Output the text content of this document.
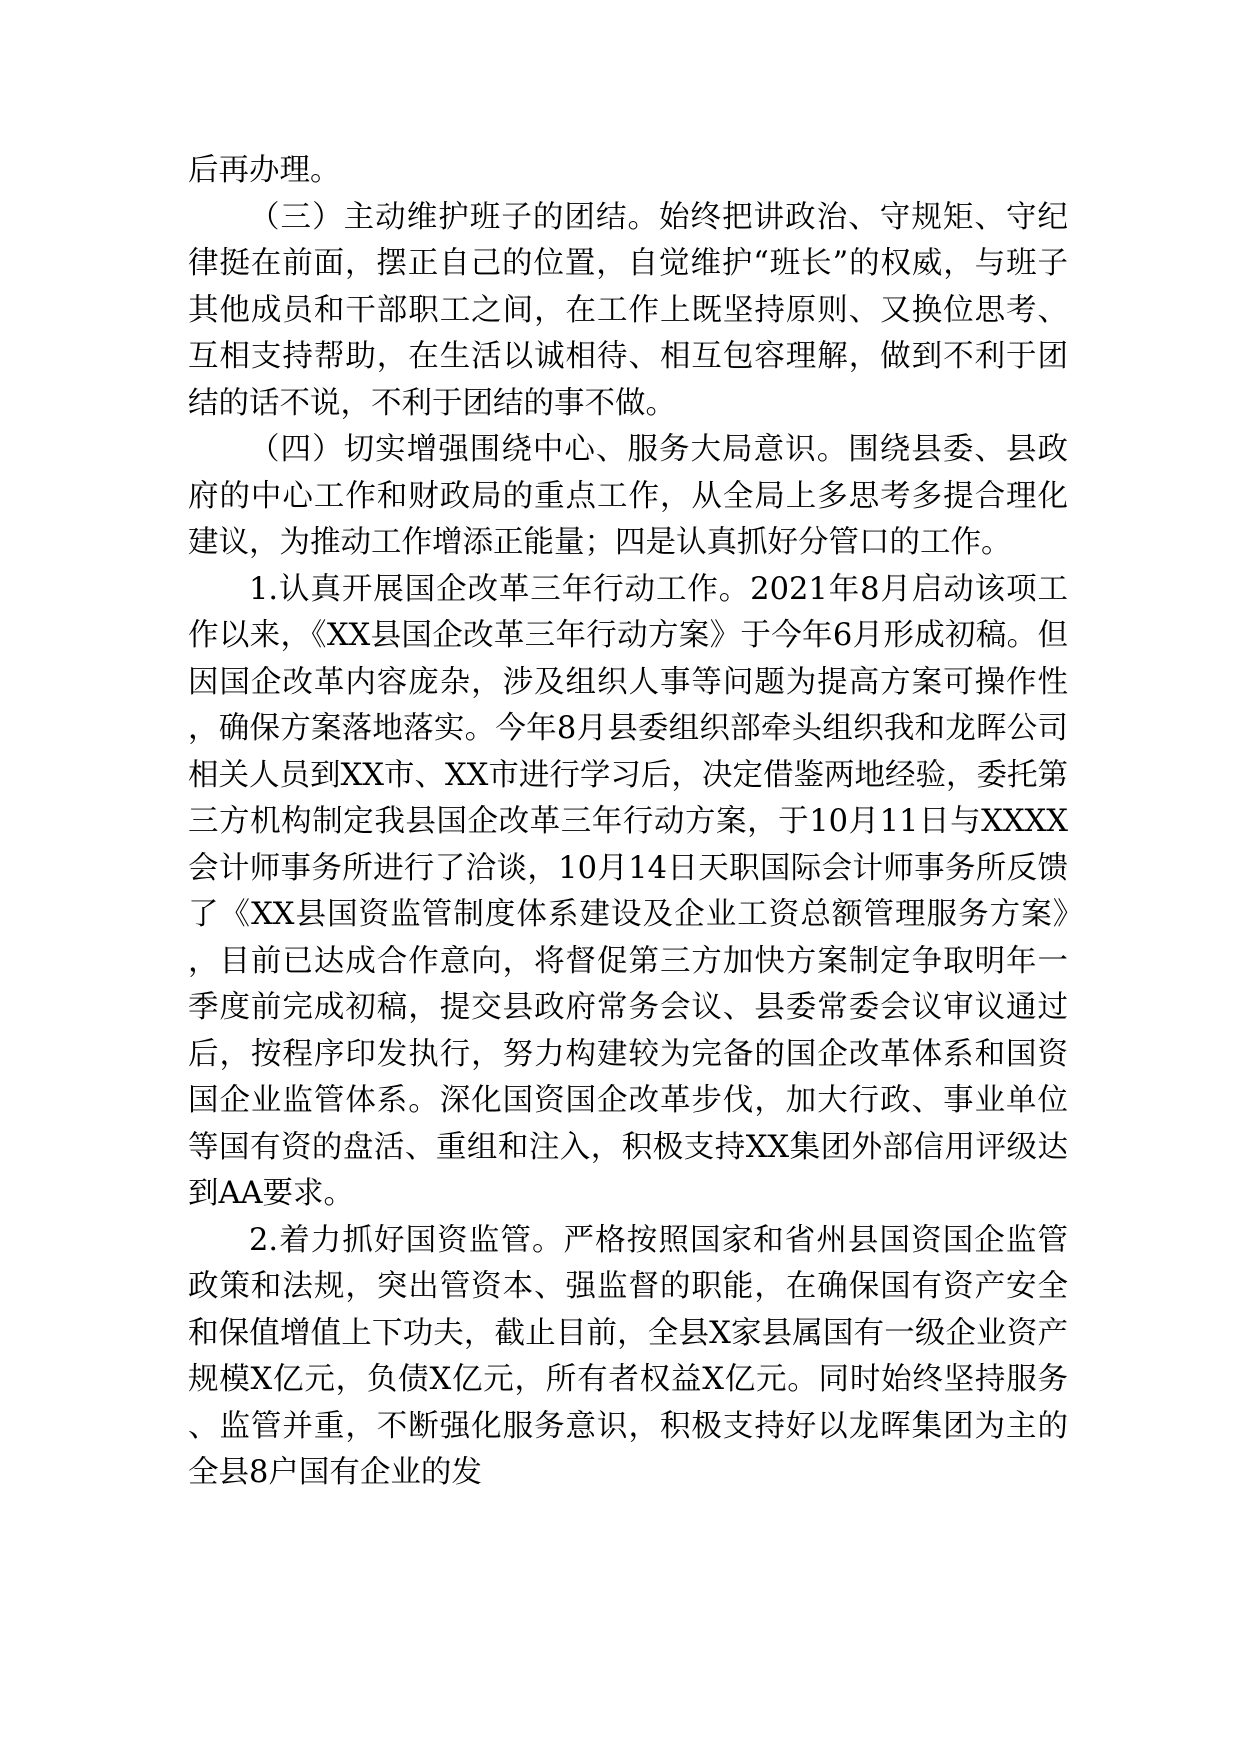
后再办理。

（三）主动维护班子的团结。始终把讲政治、守规矩、守纪律挺在前面，摆正自己的位置，自觉维护“班长”的权威，与班子其他成员和干部职工之间，在工作上既坚持原则、又换位思考、互相支持帮助，在生活以诚相待、相互包容理解，做到不利于团结的话不说，不利于团结的事不做。

（四）切实增强围绕中心、服务大局意识。围绕县委、县政府的中心工作和财政局的重点工作，从全局上多思考多提合理化建议，为推动工作增添正能量；四是认真抓好分管口的工作。

1.认真开展国企改革三年行动工作。2021年8月启动该项工作以来，《XX县国企改革三年行动方案》于今年6月形成初稿。但因国企改革内容庞杂，涉及组织人事等问题为提高方案可操作性，确保方案落地落实。今年8月县委组织部牵头组织我和龙晖公司相关人员到XX市、XX市进行学习后，决定借鉴两地经验，委托第三方机构制定我县国企改革三年行动方案，于10月11日与XXXX会计师事务所进行了洽谈，10月14日天职国际会计师事务所反馈了《XX县国资监管制度体系建设及企业工资总额管理服务方案》，目前已达成合作意向，将督促第三方加快方案制定争取明年一季度前完成初稿，提交县政府常务会议、县委常委会议审议通过后，按程序印发执行，努力构建较为完备的国企改革体系和国资国企业监管体系。深化国资国企改革步伐，加大行政、事业单位等国有资的盘活、重组和注入，积极支持XX集团外部信用评级达到AA要求。

2.着力抓好国资监管。严格按照国家和省州县国资国企监管政策和法规，突出管资本、强监督的职能，在确保国有资产安全和保值增值上下功夫，截止目前，全县X家县属国有一级企业资产规模X亿元，负债X亿元，所有者权益X亿元。同时始终坚持服务、监管并重，不断强化服务意识，积极支持好以龙晖集团为主的全县8户国有企业的发
